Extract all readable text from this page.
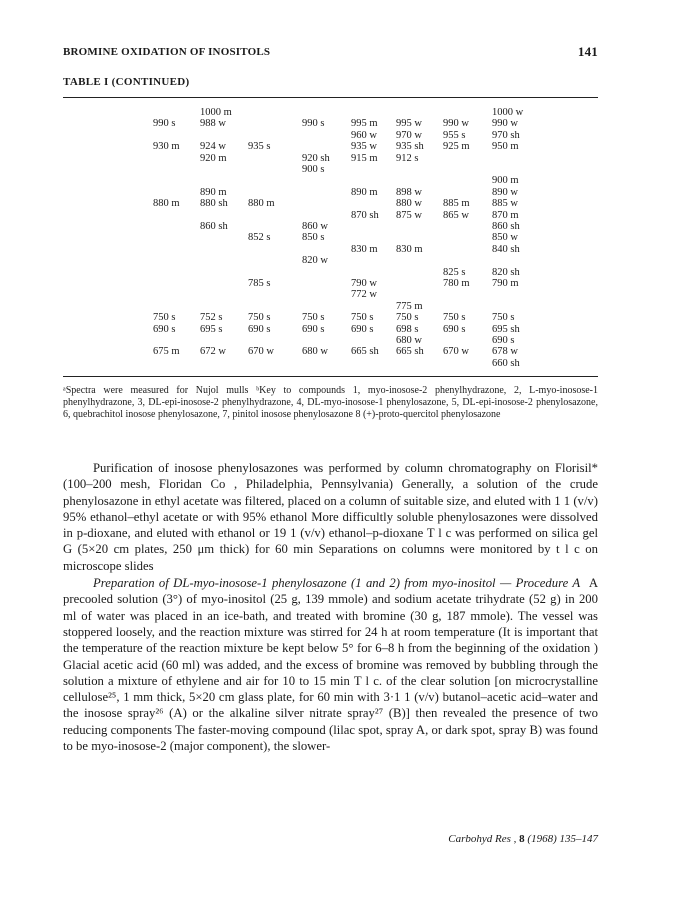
BROMINE OXIDATION OF INOSITOLS	141
TABLE I (CONTINUED)
990 s
930 m
880 m
750 s
690 s
675 m
1000 m
988 w
924 w
920 m
890 m
880 sh
860 sh
752 s
695 s
672 w
935 s
880 m
852 s
785 s
750 s
690 s
670 w
990 s
920 sh
900 s
860 w
850 s
820 w
750 s
690 s
680 w
995 m
960 w
935 w
915 m
890 m
870 sh
830 m
790 w
772 w
750 s
690 s
665 sh
995 w
970 w
935 sh
912 s
898 w
880 w
875 w
830 m
775 m
750 s
698 s
680 w
665 sh
990 w
955 s
925 m
885 m
865 w
825 s
780 m
750 s
690 s
670 w
1000 w
990 w
970 sh
950 m
900 m
890 w
885 w
870 m
860 sh
850 w
840 sh
820 sh
790 m
750 s
695 sh
690 s
678 w
660 sh
ᵃSpectra were measured for Nujol mulls ᵇKey to compounds 1, myo-inosose-2 phenylhydrazone, 2, L-myo-inosose-1 phenylhydrazone, 3, DL-epi-inosose-2 phenylhydrazone, 4, DL-myo-inosose-1 phenylosazone, 5, DL-epi-inosose-2 phenylosazone, 6, quebrachitol inosose phenylosazone, 7, pinitol inosose phenylosazone 8 (+)-proto-quercitol phenylosazone

Purification of inosose phenylosazones was performed by column chromatography on Florisil* (100–200 mesh, Floridan Co , Philadelphia, Pennsylvania) Generally, a solution of the crude phenylosazone in ethyl acetate was filtered, placed on a column of suitable size, and eluted with 1 1 (v/v) 95% ethanol–ethyl acetate or with 95% ethanol More difficultly soluble phenylosazones were dissolved in p-dioxane, and eluted with ethanol or 19 1 (v/v) ethanol–p-dioxane T l c was performed on silica gel G (5×20 cm plates, 250 μm thick) for 60 min Separations on columns were monitored by t l c on microscope slides

Preparation of DL-myo-inosose-1 phenylosazone (1 and 2) from myo-inositol — Procedure A A precooled solution (3°) of myo-inositol (25 g, 139 mmole) and sodium acetate trihydrate (52 g) in 200 ml of water was placed in an ice-bath, and treated with bromine (30 g, 187 mmole). The vessel was stoppered loosely, and the reaction mixture was stirred for 24 h at room temperature (It is important that the temperature of the reaction mixture be kept below 5° for 6–8 h from the beginning of the oxidation ) Glacial acetic acid (60 ml) was added, and the excess of bromine was removed by bubbling through the solution a mixture of ethylene and air for 10 to 15 min T l c. of the clear solution [on microcrystalline cellulose²⁵, 1 mm thick, 5×20 cm glass plate, for 60 min with 3·1 1 (v/v) butanol–acetic acid–water and the inosose spray²⁶ (A) or the alkaline silver nitrate spray²⁷ (B)] then revealed the presence of two reducing components The faster-moving compound (lilac spot, spray A, or dark spot, spray B) was found to be myo-inosose-2 (major component), the slower-

Carbohyd Res , 8 (1968) 135–147
